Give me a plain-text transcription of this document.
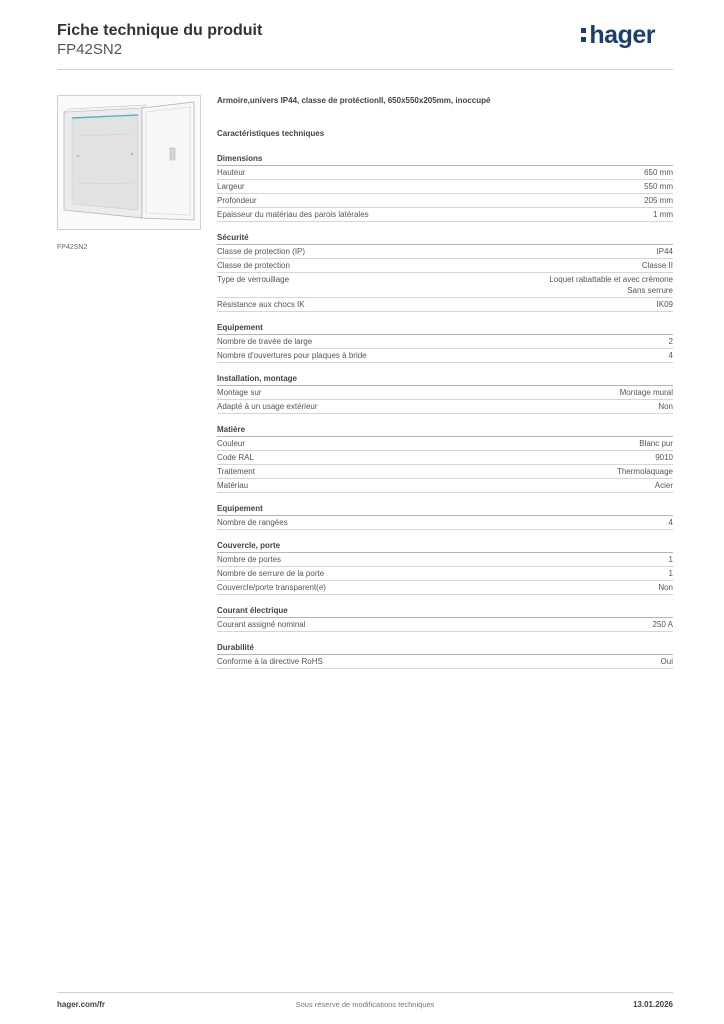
Fiche technique du produit
FP42SN2
hager
FP42SN2
Armoire,univers IP44, classe de protéctionII, 650x550x205mm, inoccupé
Caractéristiques techniques
Dimensions
Hauteur	650 mm
Largeur	550 mm
Profondeur	205 mm
Epaisseur du matériau des parois latérales	1 mm
Sécurité
Classe de protection (IP)	IP44
Classe de protection	Classe II
Type de verrouillage	Loquet rabattable et avec crémone
Sans serrure
Résistance aux chocs IK	IK09
Equipement
Nombre de travée de large	2
Nombre d'ouvertures pour plaques à bride	4
Installation, montage
Montage sur	Montage mural
Adapté à un usage extérieur	Non
Matière
Couleur	Blanc pur
Code RAL	9010
Traitement	Thermolaquage
Matériau	Acier
Equipement
Nombre de rangées	4
Couvercle, porte
Nombre de portes	1
Nombre de serrure de la porte	1
Couvercle/porte transparent(e)	Non
Courant électrique
Courant assigné nominal	250 A
Durabilité
Conforme à la directive RoHS	Oui
hager.com/fr	Sous réserve de modifications techniques	13.01.2026
